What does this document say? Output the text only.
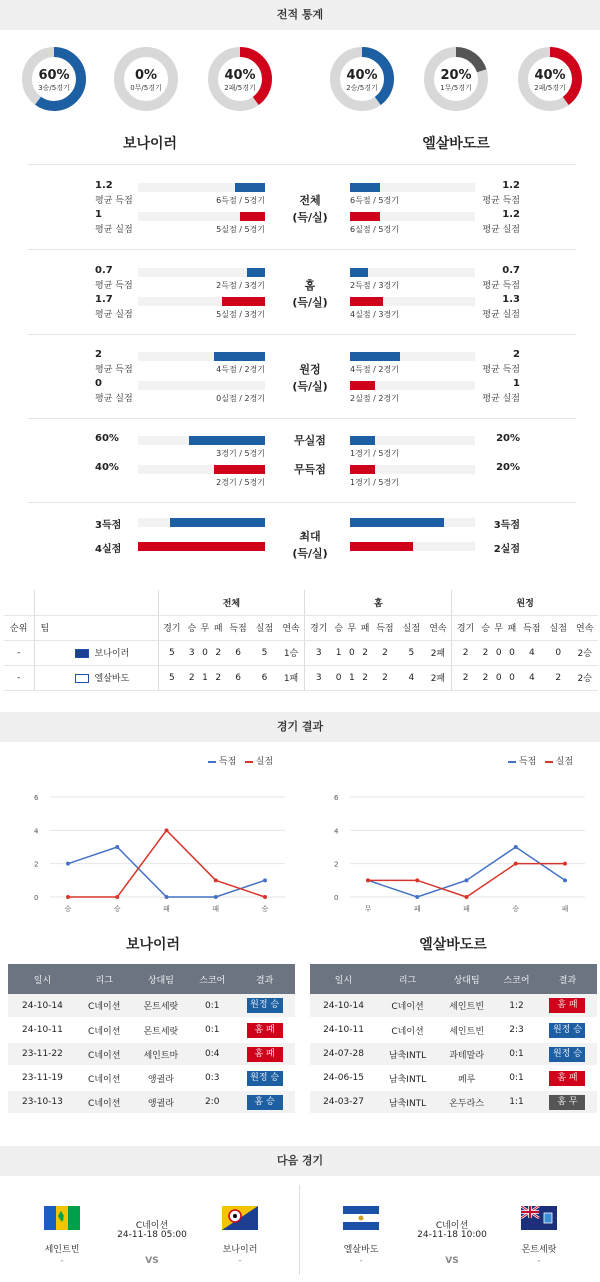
전적 통계
60%
3승/5경기
0%
0무/5경기
40%
2패/5경기
40%
2승/5경기
20%
1무/5경기
40%
2패/5경기
보나이러	엘살바도르
전체
(득/실)
1.2
평균 득점
1.2
평균 득점
6득점 / 5경기	6득점 / 5경기
1
평균 실점
1.2
평균 실점
5실점 / 5경기	6실점 / 5경기
홈
(득/실)
0.7
평균 득점
0.7
평균 득점
2득점 / 3경기	2득점 / 3경기
1.7
평균 실점
1.3
평균 실점
5실점 / 3경기	4실점 / 3경기
원정
(득/실)
2
평균 득점
2
평균 득점
4득점 / 2경기	4득점 / 2경기
0
평균 실점
1
평균 실점
0실점 / 2경기	2실점 / 2경기
60%	20%
3경기 / 5경기	1경기 / 5경기
무실점
40%	20%
2경기 / 5경기	1경기 / 5경기
무득점
최대
(득/실)
3득점	3득점
4실점	2실점
		전체							홈							원정						
순위	팀	경기	승	무	패	득점	실점	연속	경기	승	무	패	득점	실점	연속	경기	승	무	패	득점	실점	연속
-	보나이러	5	3	0	2	6	5	1승	3	1	0	2	2	5	2패	2	2	0	0	4	0	2승
-	엘살바도	5	2	1	2	6	6	1패	3	0	1	2	2	4	2패	2	2	0	0	4	2	2승
경기 결과
0
2
4
6
승	승	패	패	승
0
2
4
6
무	패	패	승	패
보나이러	엘살바도르
일시	리그	상대팀	스코어	결과
24-10-14	C네이션	몬트세랏	0:1	원정 승
24-10-11	C네이션	몬트세랏	0:1	홈 패
23-11-22	C네이션	세인트마	0:4	홈 패
23-11-19	C네이션	앵귈라	0:3	원정 승
23-10-13	C네이션	앵귈라	2:0	홈 승
일시	리그	상대팀	스코어	결과
24-10-14	C네이션	세인트빈	1:2	홈 패
24-10-11	C네이션	세인트빈	2:3	원정 승
24-07-28	남축INTL	과테말라	0:1	원정 승
24-06-15	남축INTL	페루	0:1	홈 패
24-03-27	남축INTL	온두라스	1:1	홈 무
다음 경기
세인트빈
-
C네이션
24-11-18 05:00
VS
보나이러
-
엘살바도
-
C네이션
24-11-18 10:00
VS
몬트세랏
-
득점 실점	득점 실점
